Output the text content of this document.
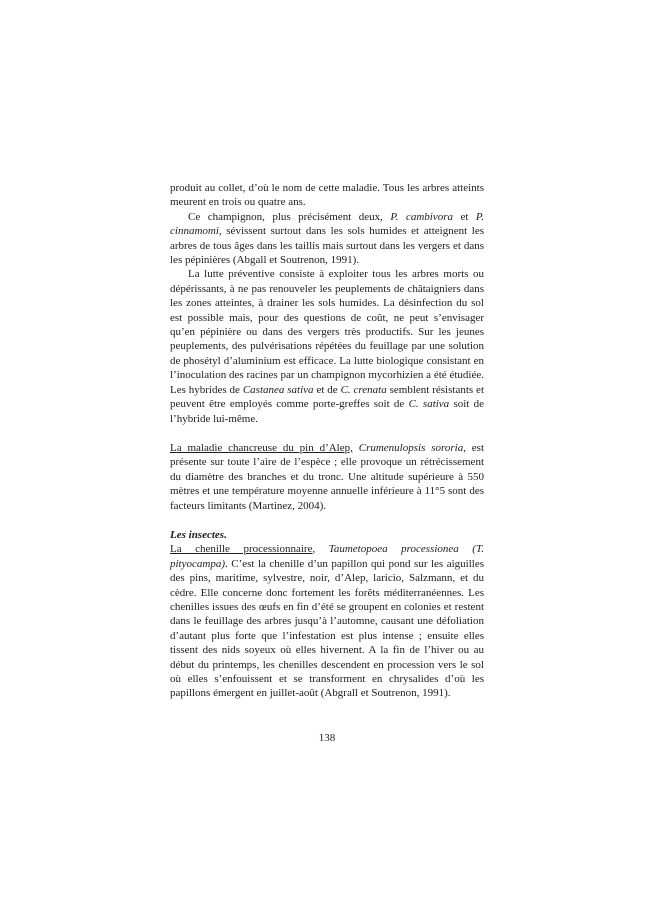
produit au collet, d’où le nom de cette maladie. Tous les arbres atteints meurent en trois ou quatre ans.

Ce champignon, plus précisément deux, P. cambivora et P. cinnamomi, sévissent surtout dans les sols humides et atteignent les arbres de tous âges dans les taillis mais surtout dans les vergers et dans les pépinières (Abgall et Soutrenon, 1991).

La lutte préventive consiste à exploiter tous les arbres morts ou dépérissants, à ne pas renouveler les peuplements de châtaigniers dans les zones atteintes, à drainer les sols humides. La désinfection du sol est possible mais, pour des questions de coût, ne peut s’envisager qu’en pépinière ou dans des vergers très productifs. Sur les jeunes peuplements, des pulvérisations répétées du feuillage par une solution de phosétyl d’aluminium est efficace. La lutte biologique consistant en l’inoculation des racines par un champignon mycorhizien a été étudiée. Les hybrides de Castanea sativa et de C. crenata semblent résistants et peuvent être employés comme porte-greffes soit de C. sativa soit de l’hybride lui-même.

La maladie chancreuse du pin d’Alep, Crumenulopsis sororia, est présente sur toute l’aire de l’espèce ; elle provoque un rétrécissement du diamètre des branches et du tronc. Une altitude supérieure à 550 mètres et une température moyenne annuelle inférieure à 11°5 sont des facteurs limitants (Martinez, 2004).

Les insectes.

La chenille processionnaire, Taumetopoea processionea (T. pityocampa). C’est la chenille d’un papillon qui pond sur les aiguilles des pins, maritime, sylvestre, noir, d’Alep, laricio, Salzmann, et du cèdre. Elle concerne donc fortement les forêts méditerranéennes. Les chenilles issues des œufs en fin d’été se groupent en colonies et restent dans le feuillage des arbres jusqu’à l’automne, causant une défoliation d’autant plus forte que l’infestation est plus intense ; ensuite elles tissent des nids soyeux où elles hivernent. A la fin de l’hiver ou au début du printemps, les chenilles descendent en procession vers le sol où elles s’enfouissent et se transforment en chrysalides d’où les papillons émergent en juillet-août (Abgrall et Soutrenon, 1991).

138
